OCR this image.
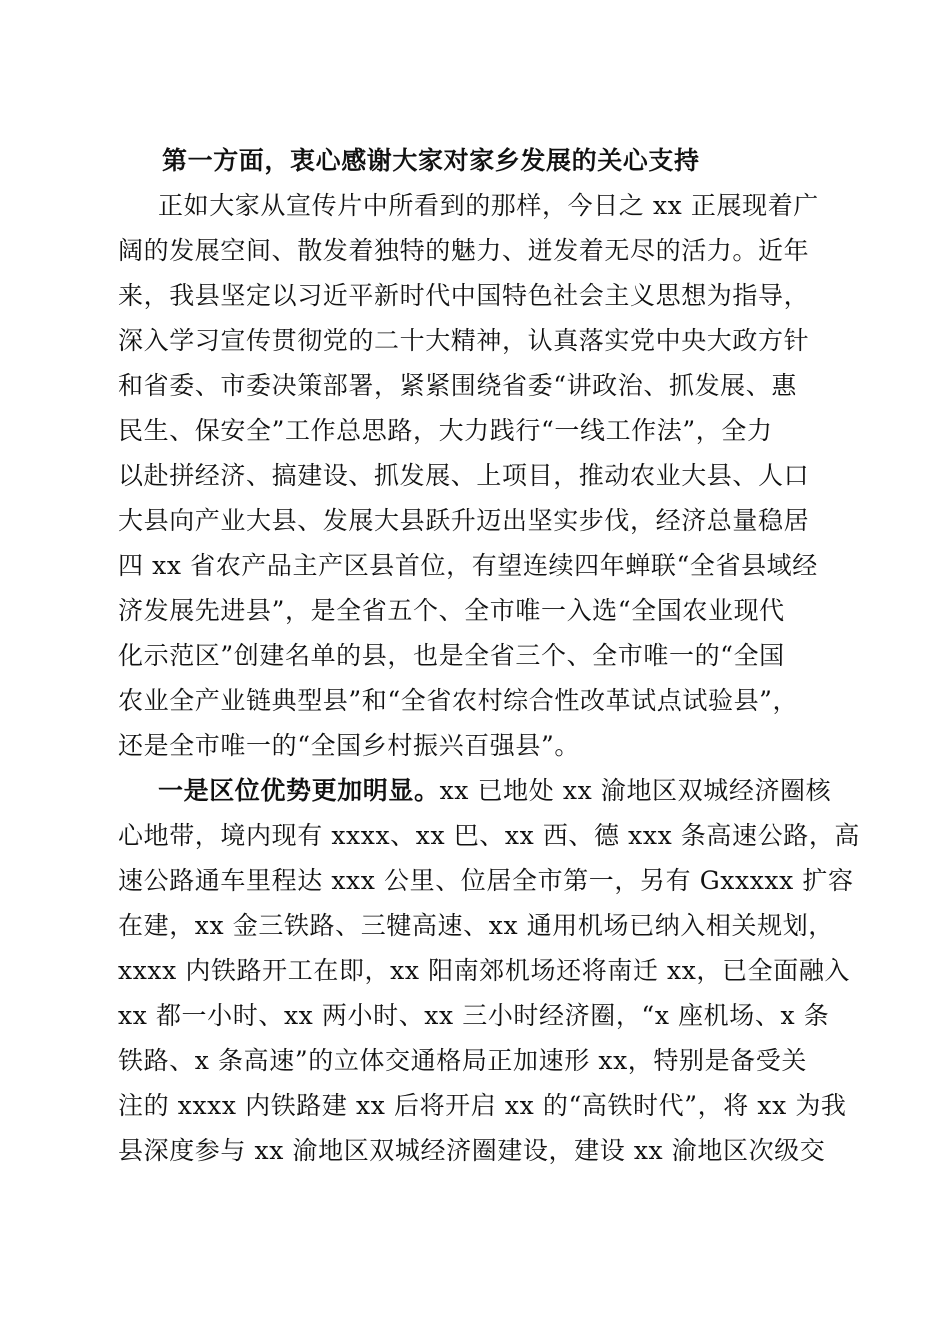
第一方面，衷心感谢大家对家乡发展的关心支持
正如大家从宣传片中所看到的那样，今日之 xx 正展现着广
阔的发展空间、散发着独特的魅力、迸发着无尽的活力。近年
来，我县坚定以习近平新时代中国特色社会主义思想为指导，
深入学习宣传贯彻党的二十大精神，认真落实党中央大政方针
和省委、市委决策部署，紧紧围绕省委“讲政治、抓发展、惠
民生、保安全”工作总思路，大力践行“一线工作法”，全力
以赴拼经济、搞建设、抓发展、上项目，推动农业大县、人口
大县向产业大县、发展大县跃升迈出坚实步伐，经济总量稳居
四 xx 省农产品主产区县首位，有望连续四年蝉联“全省县域经
济发展先进县”，是全省五个、全市唯一入选“全国农业现代
化示范区”创建名单的县，也是全省三个、全市唯一的“全国
农业全产业链典型县”和“全省农村综合性改革试点试验县”，
还是全市唯一的“全国乡村振兴百强县”。
一是区位优势更加明显。xx 已地处 xx 渝地区双城经济圈核
心地带，境内现有 xxxx、xx 巴、xx 西、德 xxx 条高速公路，高
速公路通车里程达 xxx 公里、位居全市第一，另有 Gxxxxx 扩容
在建，xx 金三铁路、三犍高速、xx 通用机场已纳入相关规划，
xxxx 内铁路开工在即，xx 阳南郊机场还将南迁 xx，已全面融入
xx 都一小时、xx 两小时、xx 三小时经济圈，“x 座机场、x 条
铁路、x 条高速”的立体交通格局正加速形 xx，特别是备受关
注的 xxxx 内铁路建 xx 后将开启 xx 的“高铁时代”，将 xx 为我
县深度参与 xx 渝地区双城经济圈建设，建设 xx 渝地区次级交
